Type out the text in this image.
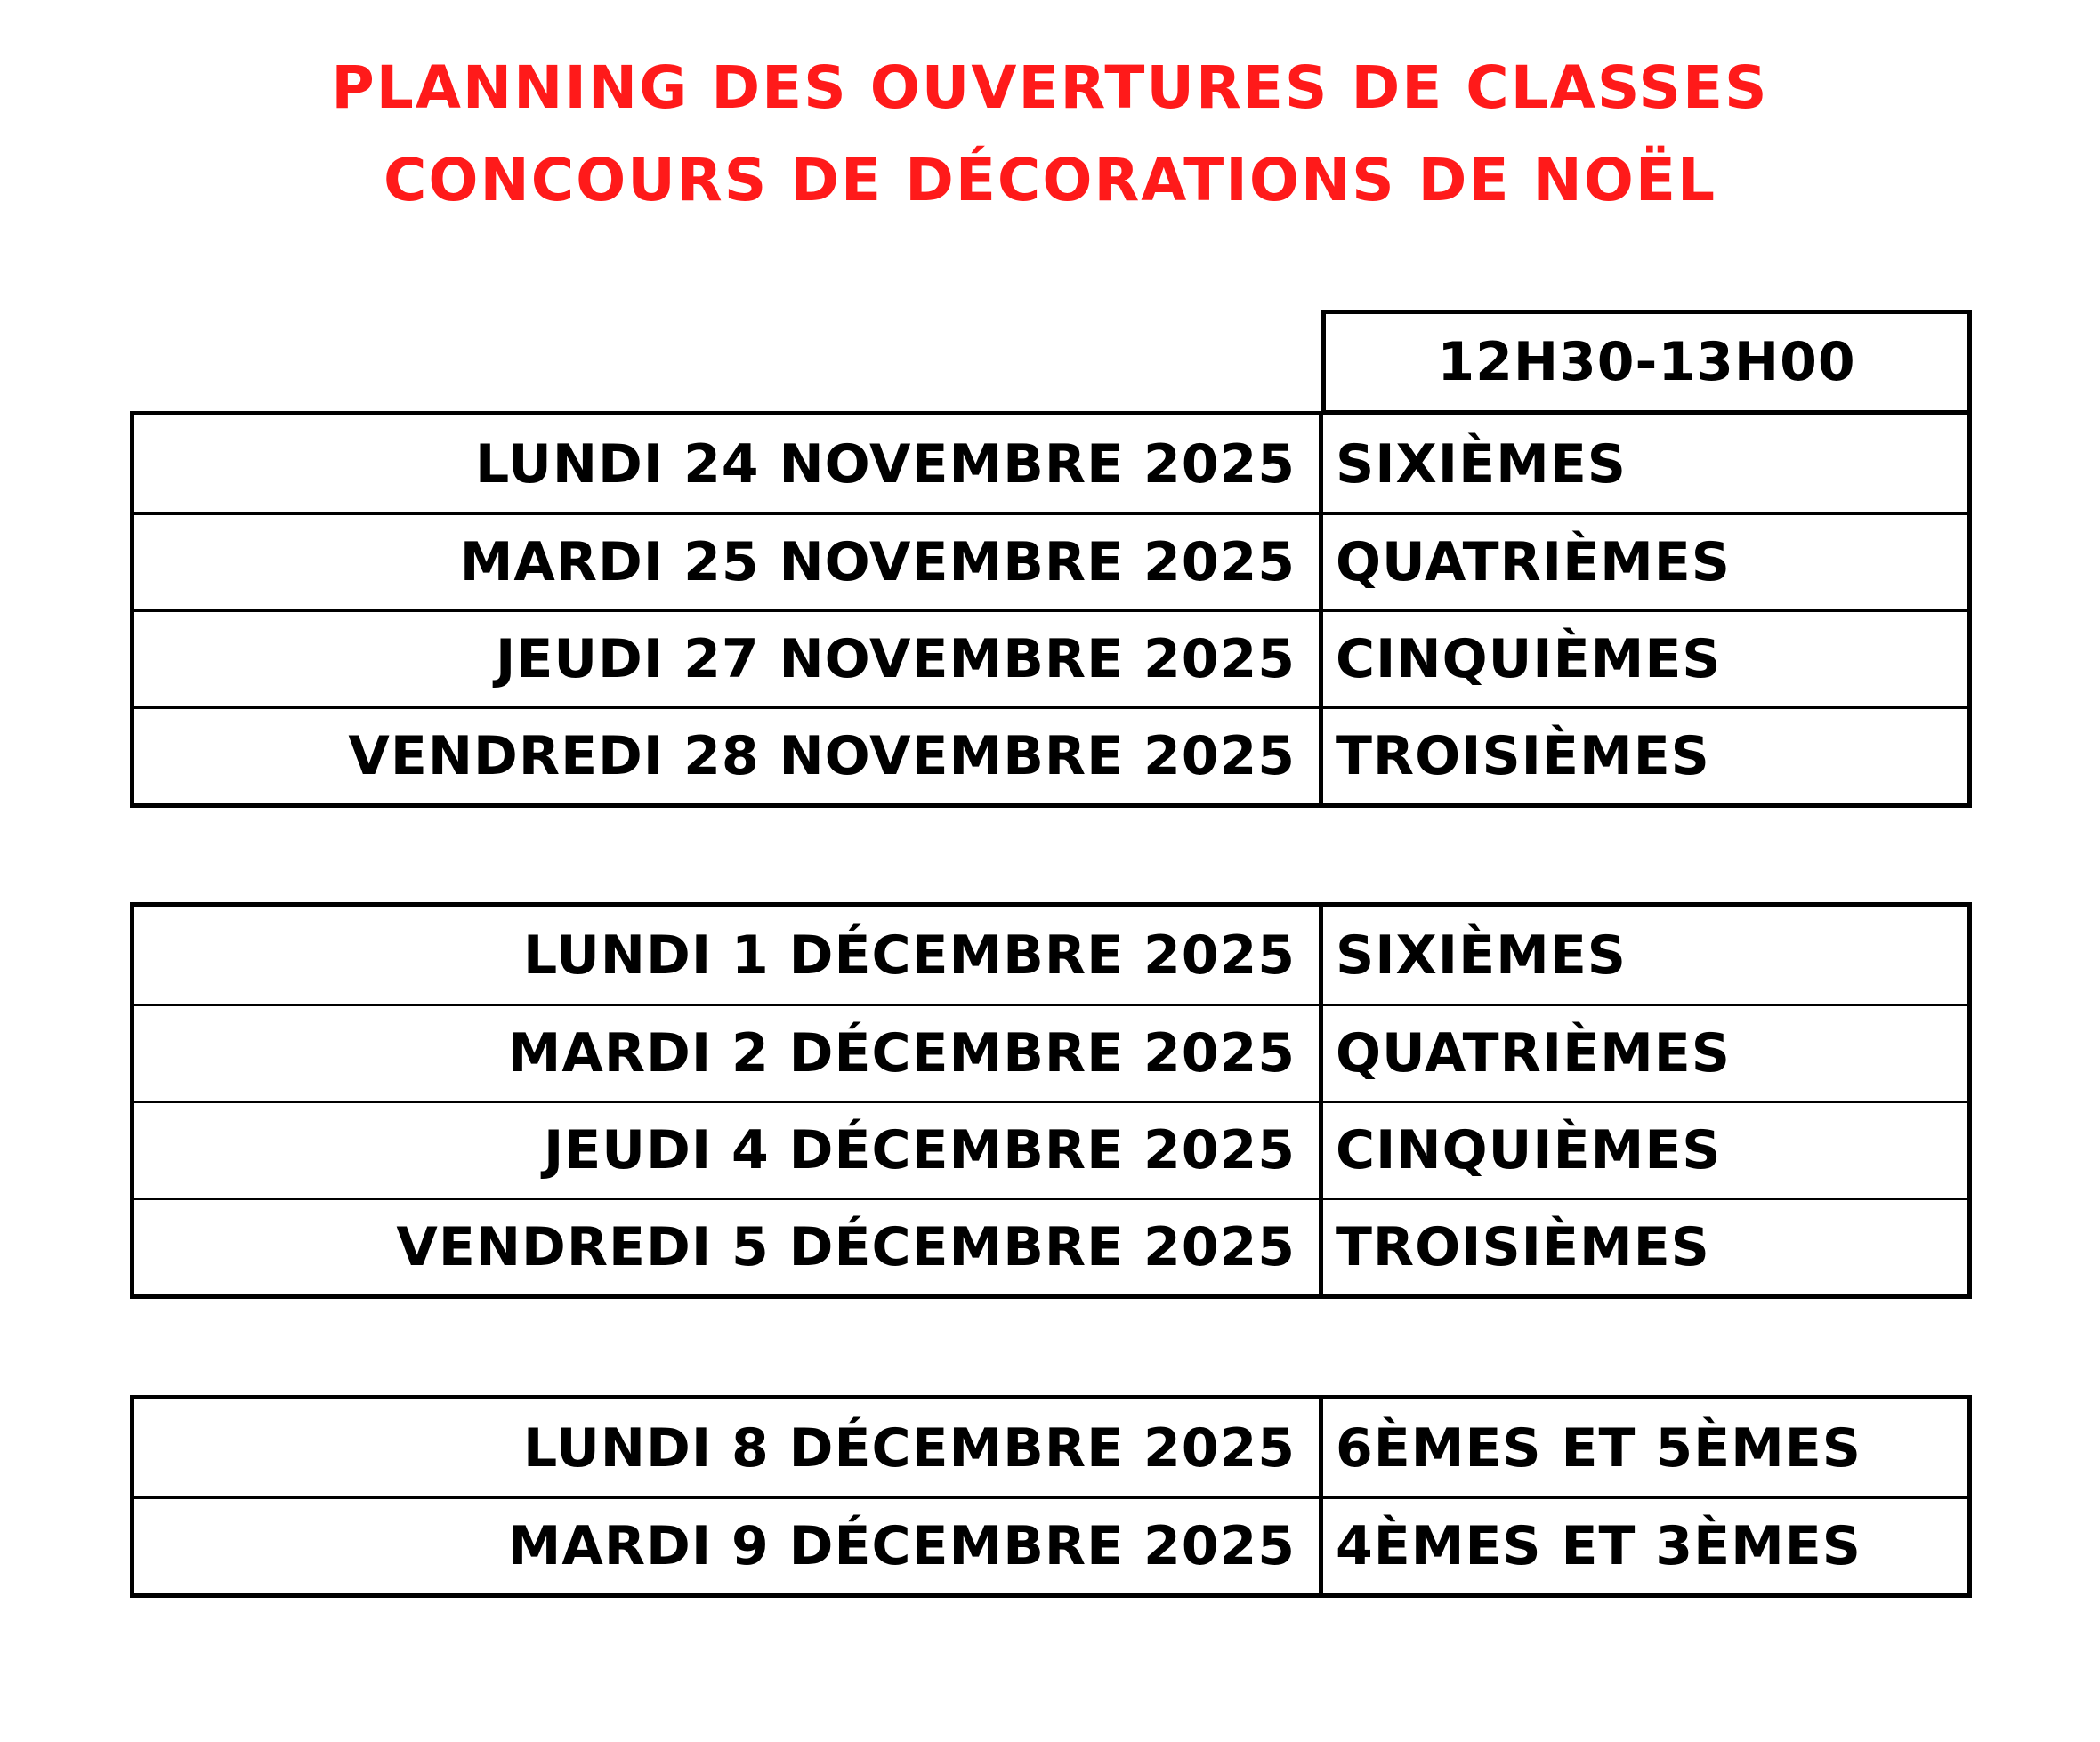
PLANNING DES OUVERTURES DE CLASSES
CONCOURS DE DÉCORATIONS DE NOËL
12H30-13H00
LUNDI 24 NOVEMBRE 2025 SIXIÈMES
MARDI 25 NOVEMBRE 2025 QUATRIÈMES
JEUDI 27 NOVEMBRE 2025 CINQUIÈMES
VENDREDI 28 NOVEMBRE 2025 TROISIÈMES
LUNDI 1 DÉCEMBRE 2025 SIXIÈMES
MARDI 2 DÉCEMBRE 2025 QUATRIÈMES
JEUDI 4 DÉCEMBRE 2025 CINQUIÈMES
VENDREDI 5 DÉCEMBRE 2025 TROISIÈMES
LUNDI 8 DÉCEMBRE 2025 6ÈMES ET 5ÈMES
MARDI 9 DÉCEMBRE 2025 4ÈMES ET 3ÈMES
